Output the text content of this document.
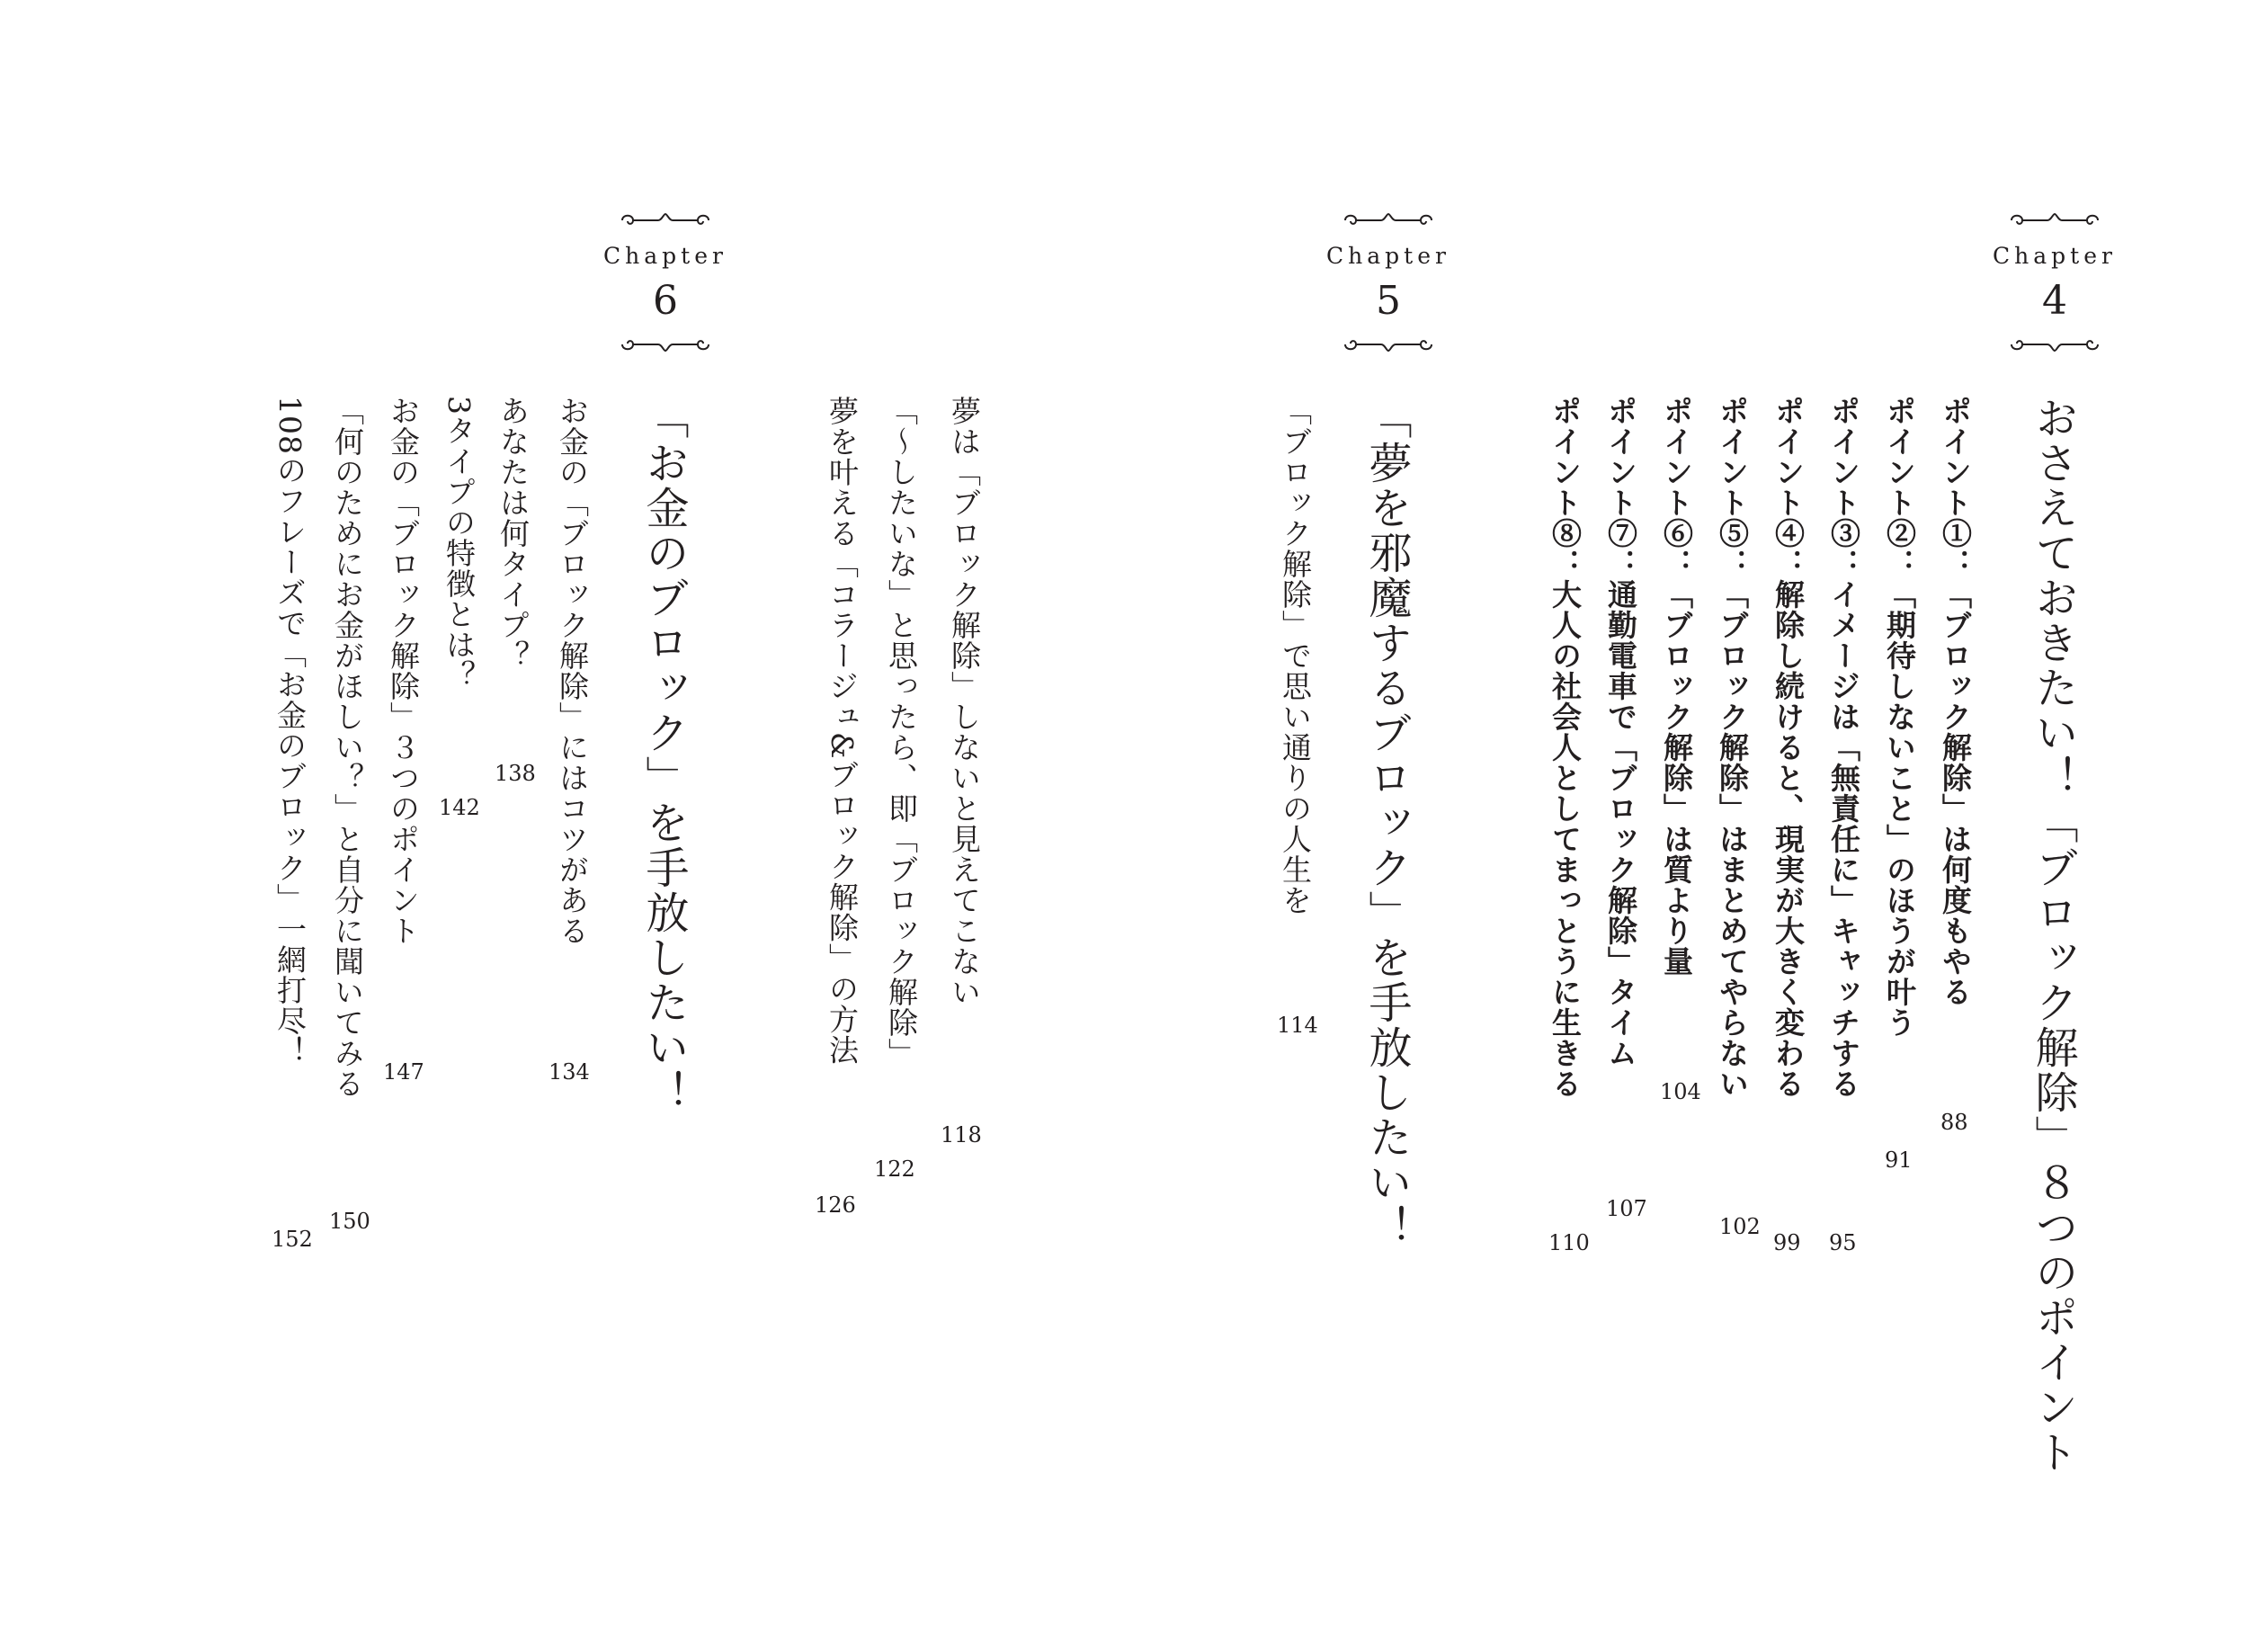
Chapter
4
おさえておきたい！「ブロック解除」８つのポイント
ポイント①：「ブロック解除」は何度もやる
88
ポイント②：「期待しないこと」のほうが叶う
91
ポイント③：イメージは「無責任に」キャッチする
95
ポイント④：解除し続けると、現実が大きく変わる
99
ポイント⑤：「ブロック解除」はまとめてやらない
102
ポイント⑥：「ブロック解除」は質より量
104
ポイント⑦：通勤電車で「ブロック解除」タイム
107
ポイント⑧：大人の社会人としてまっとうに生きる
110
Chapter
5
「夢を邪魔するブロック」を手放したい！
「ブロック解除」で思い通りの人生を
114
夢は「ブロック解除」しないと見えてこない
118
「〜したいな」と思ったら、即「ブロック解除」
122
夢を叶える「コラージュ&ブロック解除」の方法
126
Chapter
6
「お金のブロック」を手放したい！
お金の「ブロック解除」にはコツがある
134
あなたは何タイプ？
138
3タイプの特徴とは？
142
お金の「ブロック解除」３つのポイント
147
「何のためにお金がほしい？」と自分に聞いてみる
150
108のフレーズで「お金のブロック」一網打尽！
152
